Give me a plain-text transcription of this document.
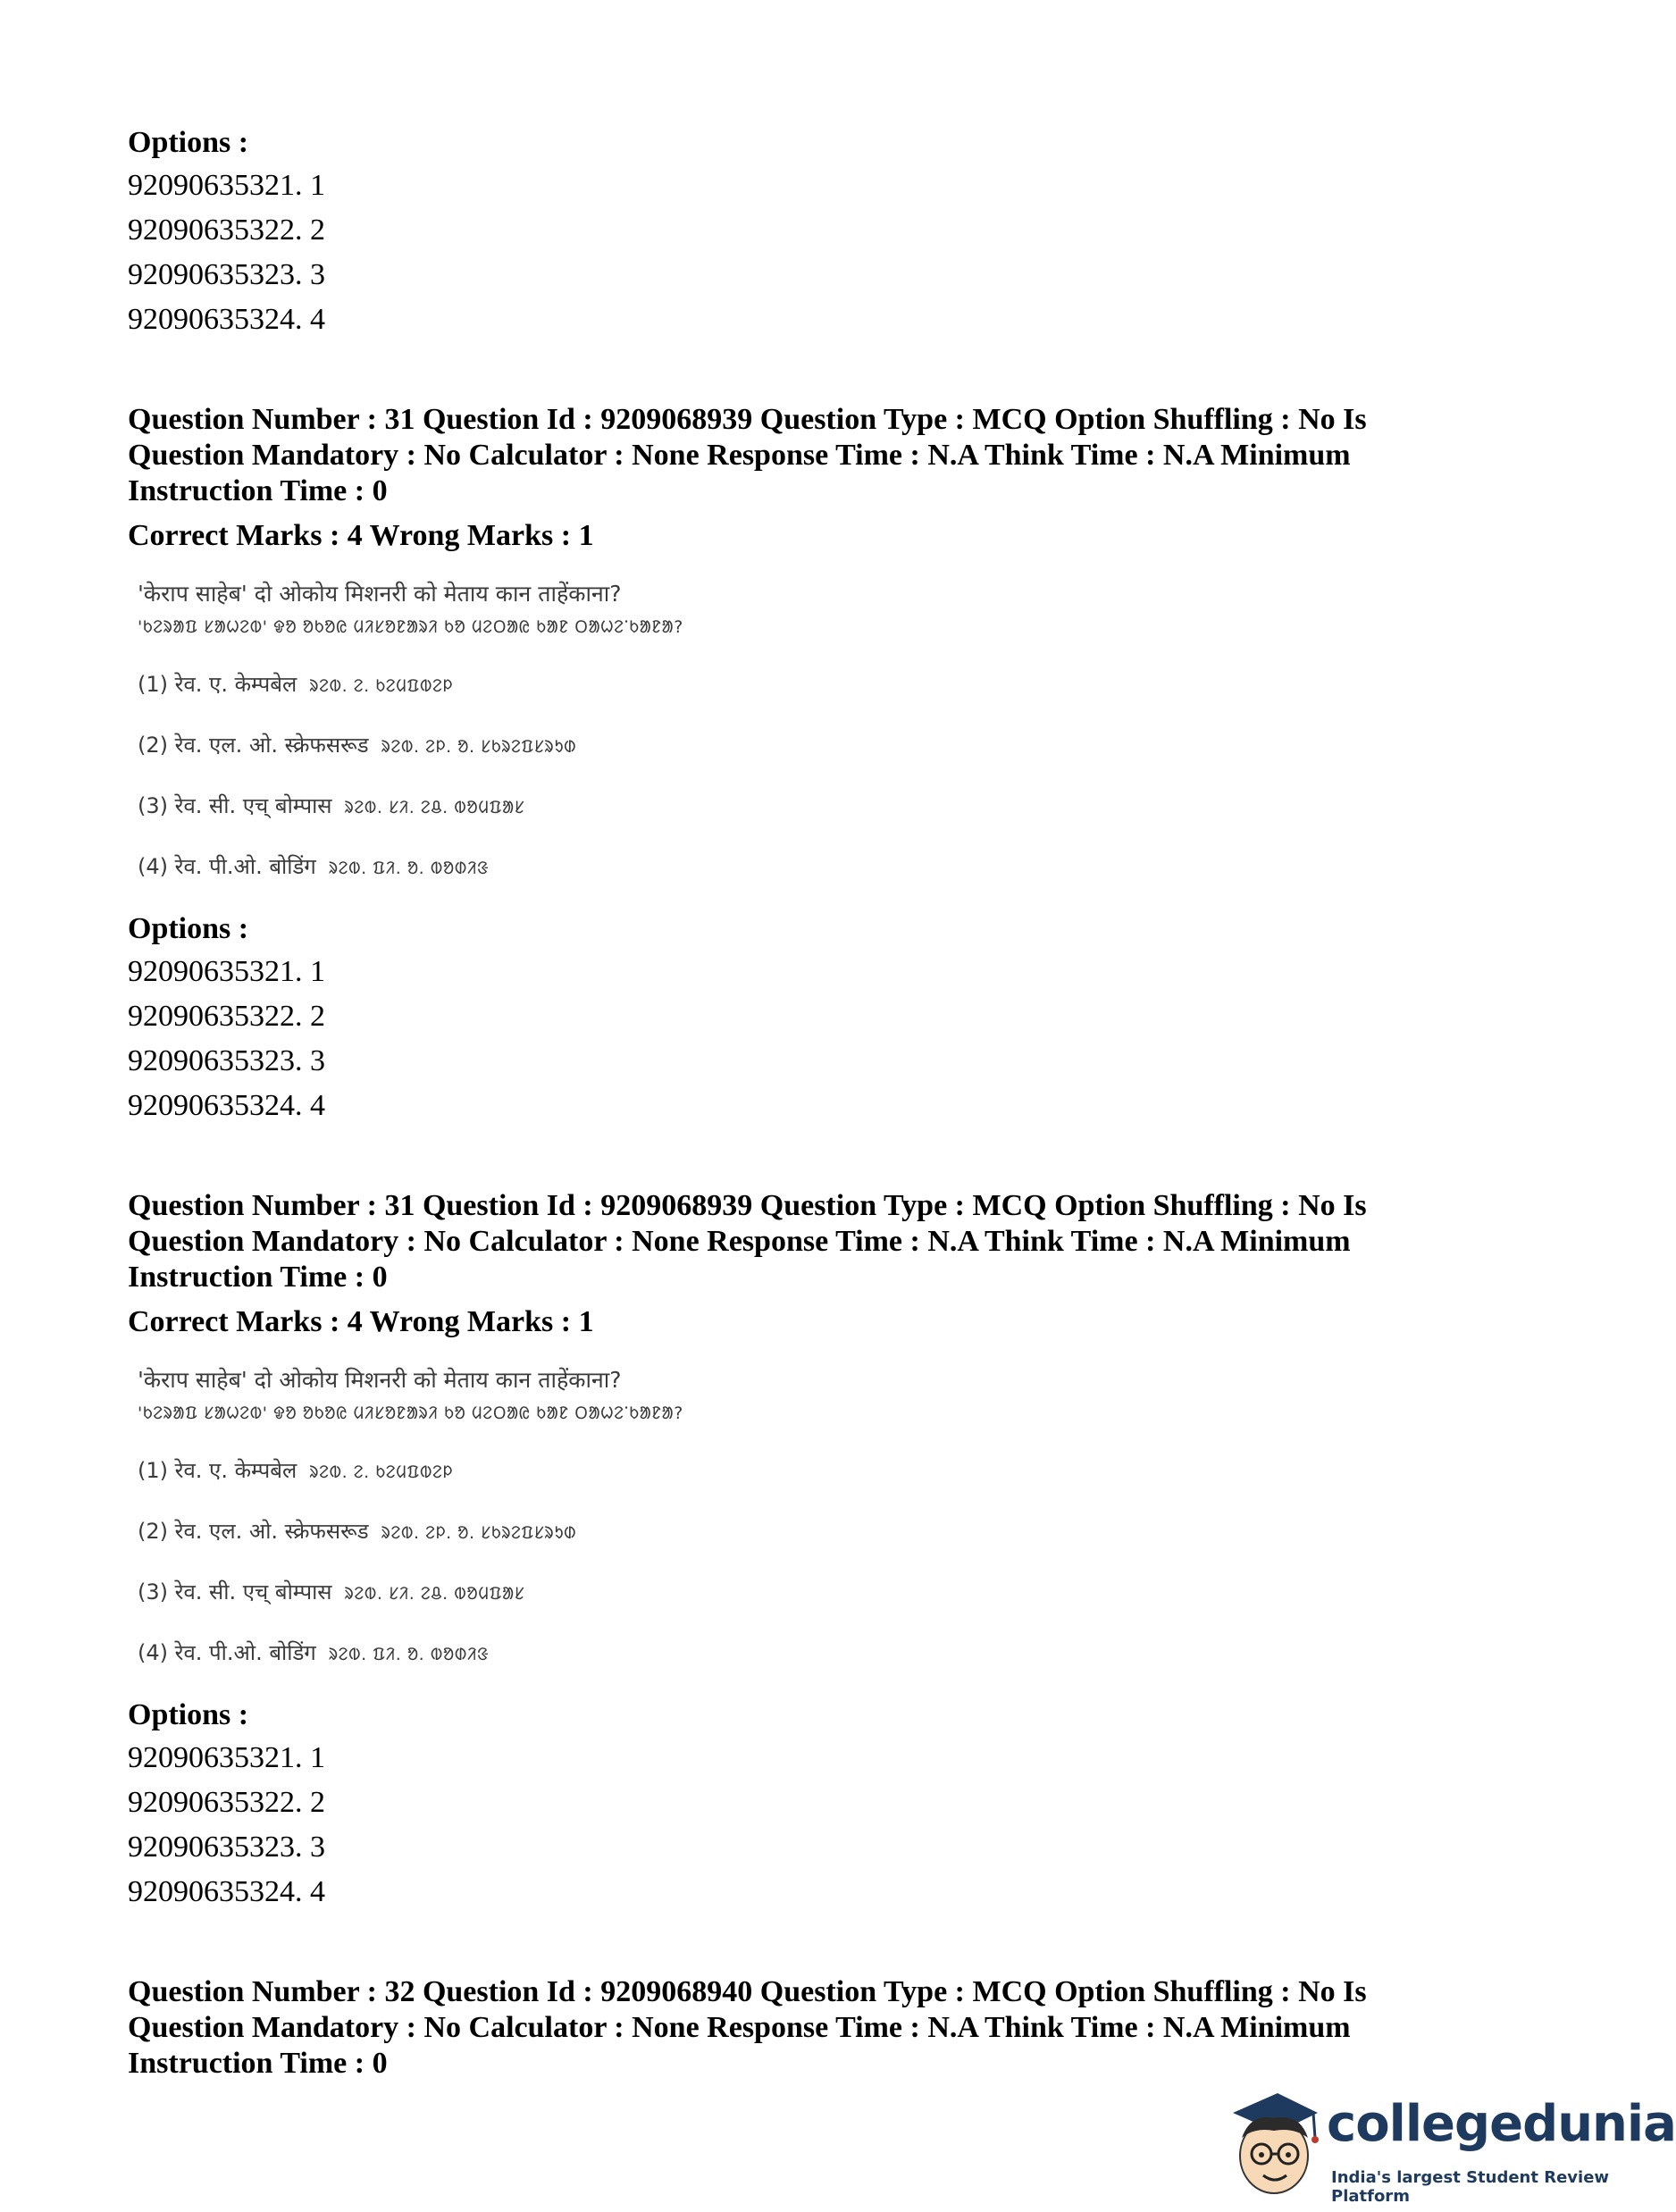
Options :
92090635321. 1
92090635322. 2
92090635323. 3
92090635324. 4
Question Number : 31 Question Id : 9209068939 Question Type : MCQ Option Shuffling : No Is
Question Mandatory : No Calculator : None Response Time : N.A Think Time : N.A Minimum
Instruction Time : 0
Correct Marks : 4 Wrong Marks : 1
'केराप साहेब' दो ओकोय मिशनरी को मेताय कान ताहेंकाना?
'ᱠᱮᱨᱟᱯ ᱥᱟᱦᱮᱵ' ᱫᱚ ᱚᱠᱚᱭ ᱢᱤᱥᱚᱱᱟᱨᱤ ᱠᱚ ᱢᱮᱛᱟᱭ ᱠᱟᱱ ᱛᱟᱦᱮᱸᱠᱟᱱᱟ?
(1) रेव. ए. केम्पबेल ᱨᱮᱵ. ᱮ. ᱠᱮᱢᱯᱵᱮᱞ
(2) रेव. एल. ओ. स्क्रेफसरूड ᱨᱮᱵ. ᱮᱞ. ᱚ. ᱥᱠᱨᱮᱯᱥᱨᱩᱰ
(3) रेव. सी. एच् बोम्पास ᱨᱮᱵ. ᱥᱤ. ᱮᱪ. ᱵᱚᱢᱯᱟᱥ
(4) रेव. पी.ओ. बोडिंग ᱨᱮᱵ. ᱯᱤ. ᱚ. ᱵᱚᱰᱤᱝ
Options :
92090635321. 1
92090635322. 2
92090635323. 3
92090635324. 4
Question Number : 31 Question Id : 9209068939 Question Type : MCQ Option Shuffling : No Is
Question Mandatory : No Calculator : None Response Time : N.A Think Time : N.A Minimum
Instruction Time : 0
Correct Marks : 4 Wrong Marks : 1
'केराप साहेब' दो ओकोय मिशनरी को मेताय कान ताहेंकाना?
'ᱠᱮᱨᱟᱯ ᱥᱟᱦᱮᱵ' ᱫᱚ ᱚᱠᱚᱭ ᱢᱤᱥᱚᱱᱟᱨᱤ ᱠᱚ ᱢᱮᱛᱟᱭ ᱠᱟᱱ ᱛᱟᱦᱮᱸᱠᱟᱱᱟ?
(1) रेव. ए. केम्पबेल ᱨᱮᱵ. ᱮ. ᱠᱮᱢᱯᱵᱮᱞ
(2) रेव. एल. ओ. स्क्रेफसरूड ᱨᱮᱵ. ᱮᱞ. ᱚ. ᱥᱠᱨᱮᱯᱥᱨᱩᱰ
(3) रेव. सी. एच् बोम्पास ᱨᱮᱵ. ᱥᱤ. ᱮᱪ. ᱵᱚᱢᱯᱟᱥ
(4) रेव. पी.ओ. बोडिंग ᱨᱮᱵ. ᱯᱤ. ᱚ. ᱵᱚᱰᱤᱝ
Options :
92090635321. 1
92090635322. 2
92090635323. 3
92090635324. 4
Question Number : 32 Question Id : 9209068940 Question Type : MCQ Option Shuffling : No Is
Question Mandatory : No Calculator : None Response Time : N.A Think Time : N.A Minimum
Instruction Time : 0
collegedunia
India's largest Student Review Platform
